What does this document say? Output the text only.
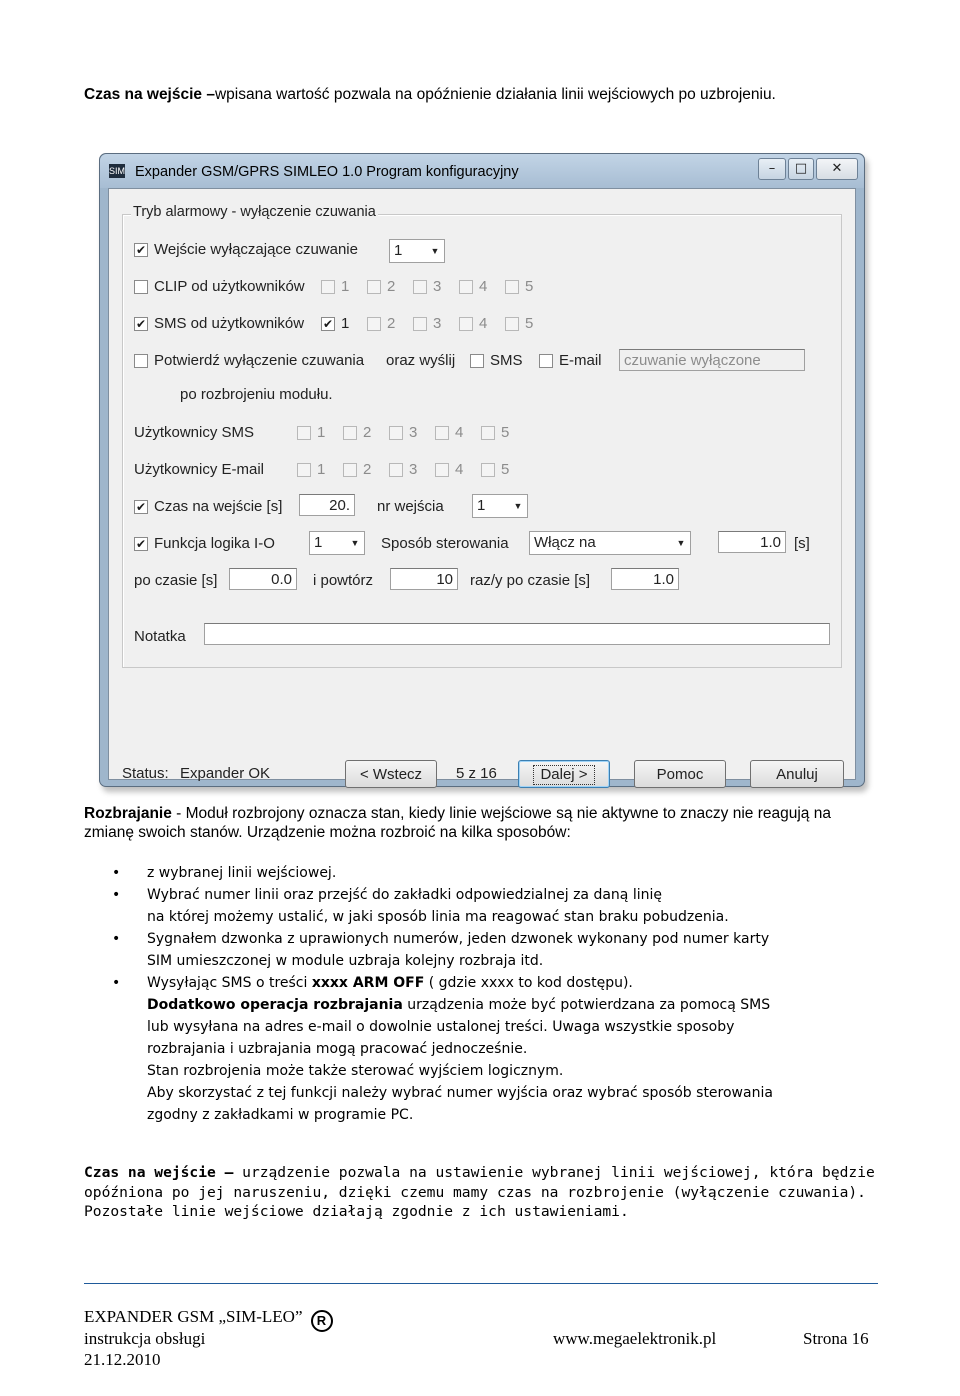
Czas na wejście –wpisana wartość pozwala na opóźnienie działania linii wejściowych po uzbrojeniu.
SIM Expander GSM/GPRS SIMLEO 1.0 Program konfiguracyjny	–	□	✕
Tryb alarmowy - wyłączenie czuwania
✔ Wejście wyłączające czuwanie	1	▼
CLIP od użytkowników 1	2	3	4	5
✔ SMS od użytkowników ✔ 1	2	3	4	5
Potwierdź wyłączenie czuwania oraz wyślij SMS E-mail	czuwanie wyłączone
po rozbrojeniu modułu.
Użytkownicy SMS	1	2	3	4	5
Użytkownicy E-mail	1	2	3	4	5
✔ Czas na wejście [s]	20.	nr wejścia	1	▼
✔ Funkcja logika I-O	1	▼ Sposób sterowania	Włącz na	▼	1.0 [s]
po czasie [s]	0.0	i powtórz	10	raz/y po czasie [s]	1.0
Notatka
Status: Expander OK	< Wstecz	5 z 16	Dalej >	Pomoc	Anuluj
Rozbrajanie - Moduł rozbrojony oznacza stan, kiedy linie wejściowe są nie aktywne to znaczy nie reagują na zmianę swoich stanów. Urządzenie można rozbroić na kilka sposobów:
• z wybranej linii wejściowej.
• Wybrać numer linii oraz przejść do zakładki odpowiedzialnej za daną linię
na której możemy ustalić, w jaki sposób linia ma reagować stan braku pobudzenia.
• Sygnałem dzwonka z uprawionych numerów, jeden dzwonek wykonany pod numer karty
SIM umieszczonej w module uzbraja kolejny rozbraja itd.
• Wysyłając SMS o treści xxxx ARM OFF ( gdzie xxxx to kod dostępu).
Dodatkowo operacja rozbrajania urządzenia może być potwierdzana za pomocą SMS
lub wysyłana na adres e-mail o dowolnie ustalonej treści. Uwaga wszystkie sposoby
rozbrajania i uzbrajania mogą pracować jednocześnie.
Stan rozbrojenia może także sterować wyjściem logicznym.
Aby skorzystać z tej funkcji należy wybrać numer wyjścia oraz wybrać sposób sterowania
zgodny z zakładkami w programie PC.
Czas na wejście – urządzenie pozwala na ustawienie wybranej linii wejściowej, która będzie
opóźniona po jej naruszeniu, dzięki czemu mamy czas na rozbrojenie (wyłączenie czuwania).
Pozostałe linie wejściowe działają zgodnie z ich ustawieniami.
EXPANDER GSM „SIM-LEO” R
instrukcja obsługi
21.12.2010
www.megaelektronik.pl	Strona 16
